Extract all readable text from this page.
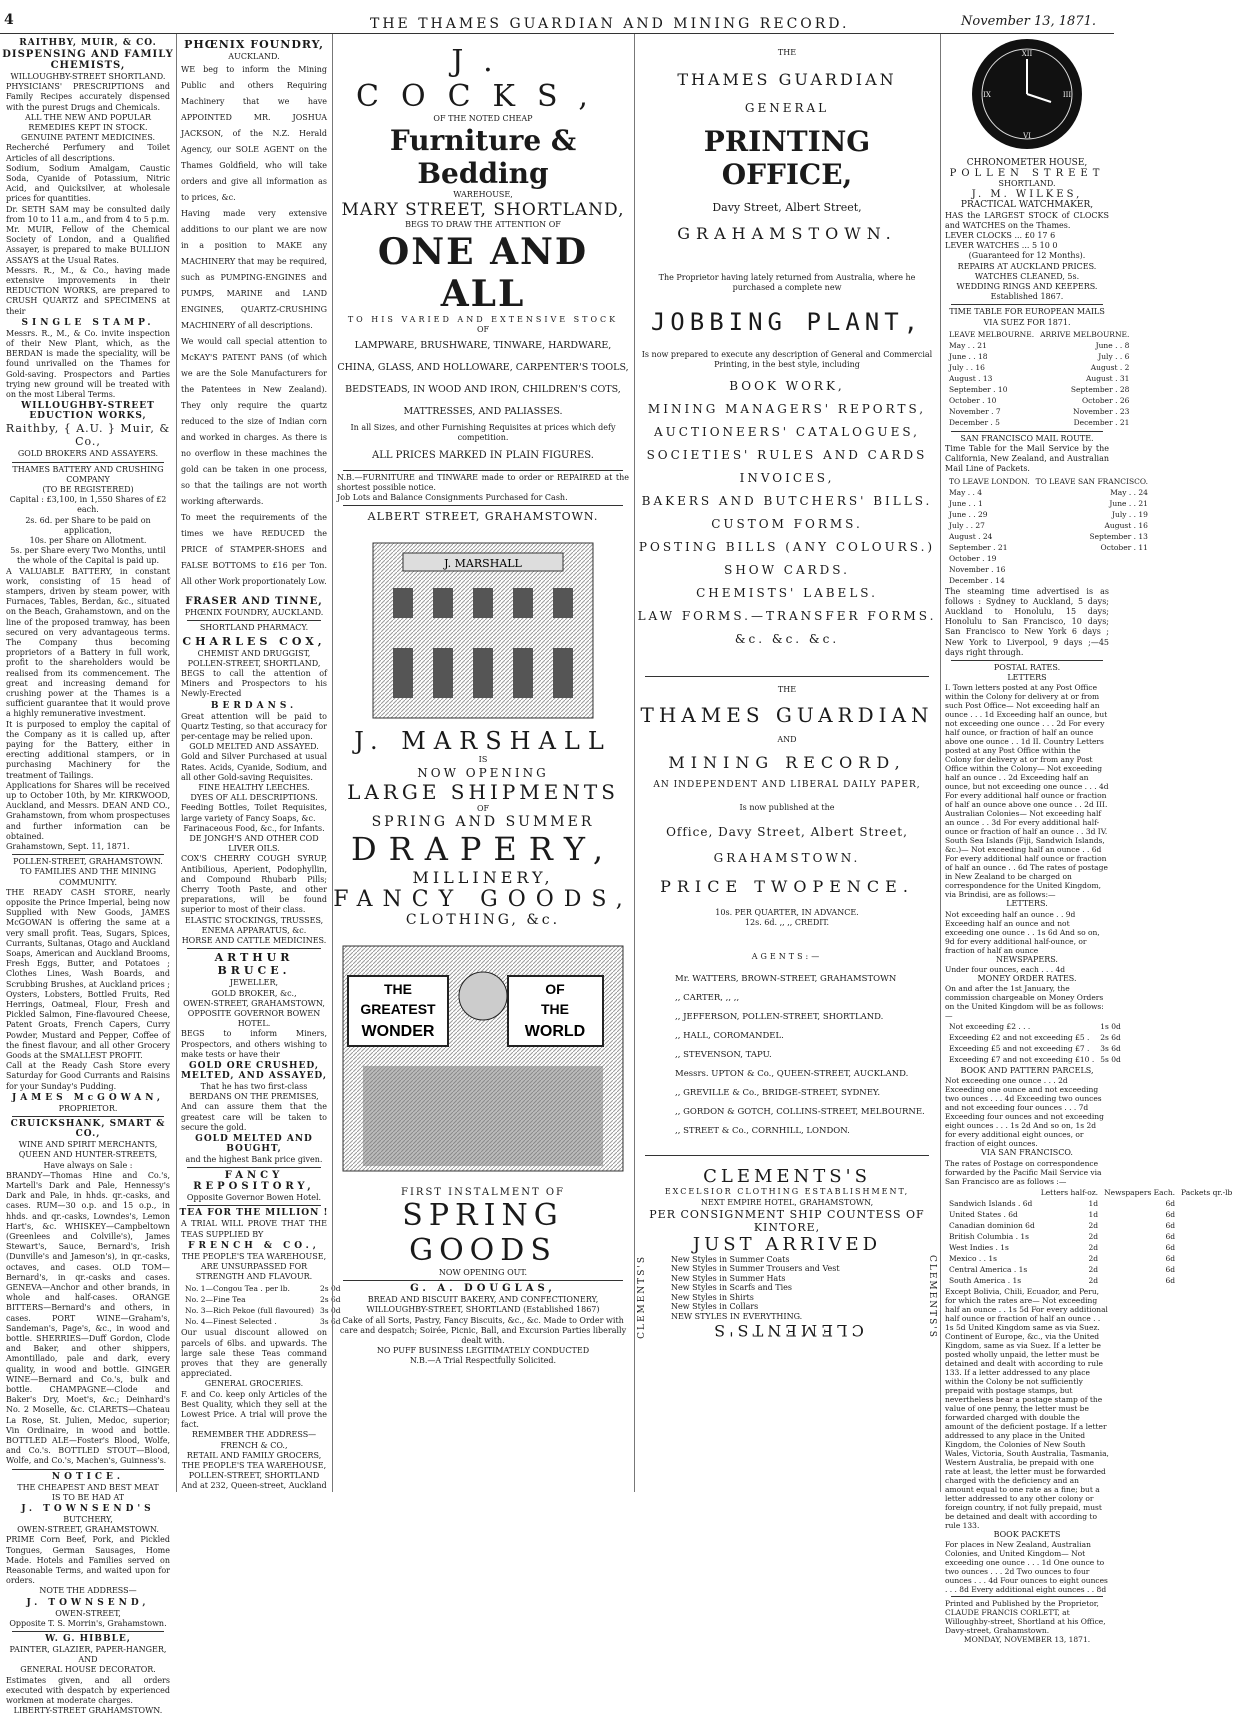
4	THE THAMES GUARDIAN AND MINING RECORD.	November 13, 1871.
RAITHBY, MUIR, & CO.
DISPENSING AND FAMILY CHEMISTS,
WILLOUGHBY-STREET SHORTLAND.
PHYSICIANS' PRESCRIPTIONS and Family Recipes accurately dispensed with the purest Drugs and Chemicals.
ALL THE NEW AND POPULAR REMEDIES KEPT IN STOCK.
GENUINE PATENT MEDICINES.
Recherché Perfumery and Toilet Articles of all descriptions.
Sodium, Sodium Amalgam, Caustic Soda, Cyanide of Potassium, Nitric Acid, and Quicksilver, at wholesale prices for quantities.
Dr. SETH SAM may be consulted daily from 10 to 11 a.m., and from 4 to 5 p.m.
Mr. MUIR, Fellow of the Chemical Society of London, and a Qualified Assayer, is prepared to make BULLION ASSAYS at the Usual Rates.
Messrs. R., M., & Co., having made extensive improvements in their REDUCTION WORKS, are prepared to CRUSH QUARTZ and SPECIMENS at their
SINGLE STAMP.
Messrs. R., M., & Co. invite inspection of their New Plant, which, as the BERDAN is made the speciality, will be found unrivalled on the Thames for Gold-saving. Prospectors and Parties trying new ground will be treated with on the most Liberal Terms.
WILLOUGHBY-STREET EDUCTION WORKS,
Raithby, { A.U. } Muir, & Co.,
GOLD BROKERS AND ASSAYERS.
THAMES BATTERY AND CRUSHING COMPANY
(TO BE REGISTERED)
Capital : £3,100, in 1,550 Shares of £2 each.
2s. 6d. per Share to be paid on application,
10s. per Share on Allotment.
5s. per Share every Two Months, until the whole of the Capital is paid up.
A VALUABLE BATTERY, in constant work, consisting of 15 head of stampers, driven by steam power, with Furnaces, Tables, Berdan, &c., situated on the Beach, Grahamstown, and on the line of the proposed tramway, has been secured on very advantageous terms. The Company thus becoming proprietors of a Battery in full work, profit to the shareholders would be realised from its commencement. The great and increasing demand for crushing power at the Thames is a sufficient guarantee that it would prove a highly remunerative investment.
It is purposed to employ the capital of the Company as it is called up, after paying for the Battery, either in erecting additional stampers, or in purchasing Machinery for the treatment of Tailings.
Applications for Shares will be received up to October 10th, by Mr. KIRKWOOD, Auckland, and Messrs. DEAN AND CO., Grahamstown, from whom prospectuses and further information can be obtained.
Grahamstown, Sept. 11, 1871.
POLLEN-STREET, GRAHAMSTOWN.
TO FAMILIES AND THE MINING COMMUNITY.
THE READY CASH STORE, nearly opposite the Prince Imperial, being now Supplied with New Goods, JAMES McGOWAN is offering the same at a very small profit. Teas, Sugars, Spices, Currants, Sultanas, Otago and Auckland Soaps, American and Auckland Brooms, Fresh Eggs, Butter, and Potatoes ; Clothes Lines, Wash Boards, and Scrubbing Brushes, at Auckland prices ; Oysters, Lobsters, Bottled Fruits, Red Herrings, Oatmeal, Flour, Fresh and Pickled Salmon, Fine-flavoured Cheese, Patent Groats, French Capers, Curry Powder, Mustard and Pepper, Coffee of the finest flavour, and all other Grocery Goods at the SMALLEST PROFIT.
Call at the Ready Cash Store every Saturday for Good Currants and Raisins for your Sunday's Pudding.
JAMES McGOWAN,
PROPRIETOR.
CRUICKSHANK, SMART & CO.,
WINE AND SPIRIT MERCHANTS,
QUEEN AND HUNTER-STREETS,
Have always on Sale :
BRANDY—Thomas Hine and Co.'s, Martell's Dark and Pale, Hennessy's Dark and Pale, in hhds. qr.-casks, and cases. RUM—30 o.p. and 15 o.p., in hhds. and qr.-casks, Lowndes's, Lemon Hart's, &c. WHISKEY—Campbeltown (Greenlees and Colville's), James Stewart's, Sauce, Bernard's, Irish (Dunville's and Jameson's), in qr.-casks, octaves, and cases. OLD TOM—Bernard's, in qr.-casks and cases. GENEVA—Anchor and other brands, in whole and half-cases. ORANGE BITTERS—Bernard's and others, in cases. PORT WINE—Graham's, Sandeman's, Page's, &c., in wood and bottle. SHERRIES—Duff Gordon, Clode and Baker, and other shippers, Amontillado, pale and dark, every quality, in wood and bottle. GINGER WINE—Bernard and Co.'s, bulk and bottle. CHAMPAGNE—Clode and Baker's Dry, Moet's, &c.; Deinhard's No. 2 Moselle, &c. CLARETS—Chateau La Rose, St. Julien, Medoc, superior; Vin Ordinaire, in wood and bottle. BOTTLED ALE—Foster's Blood, Wolfe, and Co.'s. BOTTLED STOUT—Blood, Wolfe, and Co.'s, Machen's, Guinness's.
NOTICE.
THE CHEAPEST AND BEST MEAT
IS TO BE HAD AT
J. TOWNSEND'S
BUTCHERY,
OWEN-STREET, GRAHAMSTOWN.
PRIME Corn Beef, Pork, and Pickled Tongues, German Sausages, Home Made. Hotels and Families served on Reasonable Terms, and waited upon for orders.
NOTE THE ADDRESS—
J. TOWNSEND,
OWEN-STREET,
Opposite T. S. Morrin's, Grahamstown.
W. G. HIBBLE,
PAINTER, GLAZIER, PAPER-HANGER,
AND
GENERAL HOUSE DECORATOR.
Estimates given, and all orders executed with despatch by experienced workmen at moderate charges.
LIBERTY-STREET GRAHAMSTOWN.
PHŒNIX FOUNDRY,
AUCKLAND.
WE beg to inform the Mining Public and others Requiring Machinery that we have APPOINTED MR. JOSHUA JACKSON, of the N.Z. Herald Agency, our SOLE AGENT on the Thames Goldfield, who will take orders and give all information as to prices, &c.
Having made very extensive additions to our plant we are now in a position to MAKE any MACHINERY that may be required, such as PUMPING-ENGINES and PUMPS, MARINE and LAND ENGINES, QUARTZ-CRUSHING MACHINERY of all descriptions.
We would call special attention to McKAY'S PATENT PANS (of which we are the Sole Manufacturers for the Patentees in New Zealand). They only require the quartz reduced to the size of Indian corn and worked in charges. As there is no overflow in these machines the gold can be taken in one process, so that the tailings are not worth working afterwards.
To meet the requirements of the times we have REDUCED the PRICE of STAMPER-SHOES and FALSE BOTTOMS to £16 per Ton. All other Work proportionately Low.
FRASER AND TINNE,
PHŒNIX FOUNDRY, AUCKLAND.
SHORTLAND PHARMACY.
CHARLES COX,
CHEMIST AND DRUGGIST,
POLLEN-STREET, SHORTLAND,
BEGS to call the attention of Miners and Prospectors to his Newly-Erected
BERDANS.
Great attention will be paid to Quartz Testing, so that accuracy for per-centage may be relied upon.
GOLD MELTED AND ASSAYED.
Gold and Silver Purchased at usual Rates. Acids, Cyanide, Sodium, and all other Gold-saving Requisites.
FINE HEALTHY LEECHES.
DYES OF ALL DESCRIPTIONS.
Feeding Bottles, Toilet Requisites, large variety of Fancy Soaps, &c.
Farinaceous Food, &c., for Infants.
DE JONGH'S AND OTHER COD LIVER OILS.
COX'S CHERRY COUGH SYRUP, Antibilious, Aperient, Podophyllin, and Compound Rhubarb Pills; Cherry Tooth Paste, and other preparations, will be found superior to most of their class.
ELASTIC STOCKINGS, TRUSSES, ENEMA APPARATUS, &c.
HORSE AND CATTLE MEDICINES.
ARTHUR BRUCE.
JEWELLER,
GOLD BROKER, &c.,
OWEN-STREET, GRAHAMSTOWN, OPPOSITE GOVERNOR BOWEN HOTEL.
BEGS to inform Miners, Prospectors, and others wishing to make tests or have their
GOLD ORE CRUSHED, MELTED, AND ASSAYED,
That he has two first-class
BERDANS ON THE PREMISES,
And can assure them that the greatest care will be taken to secure the gold.
GOLD MELTED AND BOUGHT,
and the highest Bank price given.
FANCY REPOSITORY,
Opposite Governor Bowen Hotel.
TEA FOR THE MILLION !
A TRIAL WILL PROVE THAT THE TEAS SUPPLIED BY
FRENCH & CO.,
THE PEOPLE'S TEA WAREHOUSE,
ARE UNSURPASSED FOR STRENGTH AND FLAVOUR.
No. 1—Congou Tea . per lb.	2s 0d
No. 2—Fine Tea	2s 6d
No. 3—Rich Pekoe (full flavoured)	3s 0d
No. 4—Finest Selected .	3s 6d
Our usual discount allowed on parcels of 6lbs. and upwards. The large sale these Teas command proves that they are generally appreciated.
GENERAL GROCERIES.
F. and Co. keep only Articles of the Best Quality, which they sell at the Lowest Price. A trial will prove the fact.
REMEMBER THE ADDRESS—
FRENCH & CO.,
RETAIL AND FAMILY GROCERS,
THE PEOPLE'S TEA WAREHOUSE,
POLLEN-STREET, SHORTLAND
And at 232, Queen-street, Auckland
J. COCKS,
OF THE NOTED CHEAP
Furniture & Bedding
WAREHOUSE,
MARY STREET, SHORTLAND,
BEGS TO DRAW THE ATTENTION OF
ONE AND ALL
TO HIS VARIED AND EXTENSIVE STOCK
OF
LAMPWARE, BRUSHWARE, TINWARE, HARDWARE, CHINA, GLASS, AND HOLLOWARE, CARPENTER'S TOOLS, BEDSTEADS, IN WOOD AND IRON, CHILDREN'S COTS, MATTRESSES, AND PALIASSES.
In all Sizes, and other Furnishing Requisites at prices which defy competition.
ALL PRICES MARKED IN PLAIN FIGURES.
N.B.—FURNITURE and TINWARE made to order or REPAIRED at the shortest possible notice.
Job Lots and Balance Consignments Purchased for Cash.
ALBERT STREET, GRAHAMSTOWN.
J. MARSHALL
J. MARSHALL
IS
NOW OPENING
LARGE SHIPMENTS
OF
SPRING AND SUMMER
DRAPERY,
MILLINERY,
FANCY GOODS,
CLOTHING, &c.
THE
GREATEST
WONDER
OF
THE
WORLD
FIRST INSTALMENT OF
SPRING GOODS
NOW OPENING OUT.
G. A. DOUGLAS,
BREAD AND BISCUIT BAKERY, AND CONFECTIONERY,
WILLOUGHBY-STREET, SHORTLAND (Established 1867)
Cake of all Sorts, Pastry, Fancy Biscuits, &c., &c. Made to Order with care and despatch; Soirée, Picnic, Ball, and Excursion Parties liberally dealt with.
NO PUFF BUSINESS LEGITIMATELY CONDUCTED
N.B.—A Trial Respectfully Solicited.
THE
THAMES GUARDIAN
GENERAL
PRINTING OFFICE,
Davy Street, Albert Street,
GRAHAMSTOWN.
The Proprietor having lately returned from Australia, where he purchased a complete new
JOBBING PLANT,
Is now prepared to execute any description of General and Commercial Printing, in the best style, including
BOOK WORK,
MINING MANAGERS' REPORTS,
AUCTIONEERS' CATALOGUES,
SOCIETIES' RULES AND CARDS
INVOICES,
BAKERS AND BUTCHERS' BILLS.
CUSTOM FORMS.
POSTING BILLS (ANY COLOURS.)
SHOW CARDS.
CHEMISTS' LABELS.
LAW FORMS.—TRANSFER FORMS.
&c. &c. &c.
THE
THAMES GUARDIAN
AND
MINING RECORD,
AN INDEPENDENT AND LIBERAL DAILY PAPER,
Is now published at the
Office, Davy Street, Albert Street,
GRAHAMSTOWN.
PRICE TWOPENCE.
10s. PER QUARTER, IN ADVANCE.
12s. 6d. ,, ,, CREDIT.
AGENTS:—
Mr. WATTERS, BROWN-STREET, GRAHAMSTOWN
,, CARTER, ,, ,,
,, JEFFERSON, POLLEN-STREET, SHORTLAND.
,, HALL, COROMANDEL.
,, STEVENSON, TAPU.
Messrs. UPTON & Co., QUEEN-STREET, AUCKLAND.
,, GREVILLE & Co., BRIDGE-STREET, SYDNEY.
,, GORDON & GOTCH, COLLINS-STREET, MELBOURNE.
,, STREET & Co., CORNHILL, LONDON.
CLEMENTS'S
EXCELSIOR CLOTHING ESTABLISHMENT,
NEXT EMPIRE HOTEL, GRAHAMSTOWN,
PER CONSIGNMENT SHIP COUNTESS OF KINTORE,
JUST ARRIVED
CLEMENTS'S	CLEMENTS'S
New Styles in Summer Coats
New Styles in Summer Trousers and Vest
New Styles in Summer Hats
New Styles in Scarfs and Ties
New Styles in Shirts
New Styles in Collars
NEW STYLES IN EVERYTHING.
CLEMENTS'S
XII
III
VI
IX
CHRONOMETER HOUSE,
POLLEN STREET
SHORTLAND.
J. M. WILKES,
PRACTICAL WATCHMAKER,
HAS the LARGEST STOCK of CLOCKS and WATCHES on the Thames.
LEVER CLOCKS ... £0 17 6
LEVER WATCHES ... 5 10 0
(Guaranteed for 12 Months).
REPAIRS AT AUCKLAND PRICES.
WATCHES CLEANED, 5s.
WEDDING RINGS AND KEEPERS.
Established 1867.
TIME TABLE FOR EUROPEAN MAILS VIA SUEZ FOR 1871.
LEAVE MELBOURNE.	ARRIVE MELBOURNE.
May . . 21	June . . 8
June . . 18	July . . 6
July . . 16	August . 2
August . 13	August . 31
September . 10	September . 28
October . 10	October . 26
November . 7	November . 23
December . 5	December . 21
SAN FRANCISCO MAIL ROUTE.
Time Table for the Mail Service by the California, New Zealand, and Australian Mail Line of Packets.
TO LEAVE LONDON.	TO LEAVE SAN FRANCISCO.
May . . 4	May . . 24
June . . 1	June . . 21
June . . 29	July . . 19
July . . 27	August . 16
August . 24	September . 13
September . 21	October . 11
October . 19	
November . 16	
December . 14	
The steaming time advertised is as follows : Sydney to Auckland, 5 days; Auckland to Honolulu, 15 days; Honolulu to San Francisco, 10 days; San Francisco to New York 6 days ; New York to Liverpool, 9 days ;—45 days right through.
POSTAL RATES.
LETTERS
I. Town letters posted at any Post Office within the Colony for delivery at or from such Post Office— Not exceeding half an ounce . . . 1d Exceeding half an ounce, but not exceeding one ounce . . . 2d For every half ounce, or fraction of half an ounce above one ounce . . 1d II. Country Letters posted at any Post Office within the Colony for delivery at or from any Post Office within the Colony— Not exceeding half an ounce . . 2d Exceeding half an ounce, but not exceeding one ounce . . . 4d For every additional half ounce or fraction of half an ounce above one ounce . . 2d III. Australian Colonies— Not exceeding half an ounce . . 3d For every additional half-ounce or fraction of half an ounce . . 3d IV. South Sea Islands (Fiji, Sandwich Islands, &c.)— Not exceeding half an ounce . . 6d For every additional half ounce or fraction of half an ounce . . 6d The rates of postage in New Zealand to be charged on correspondence for the United Kingdom, via Brindisi, are as follows:—
LETTERS.
Not exceeding half an ounce . . 9d Exceeding half an ounce and not exceeding one ounce . . 1s 6d And so on, 9d for every additional half-ounce, or fraction of half an ounce
NEWSPAPERS.
Under four ounces, each . . . 4d
MONEY ORDER RATES.
On and after the 1st January, the commission chargeable on Money Orders on the United Kingdom will be as follows:—
Not exceeding £2 . . .	1s 0d
Exceeding £2 and not exceeding £5 .	2s 6d
Exceeding £5 and not exceeding £7 .	3s 6d
Exceeding £7 and not exceeding £10 .	5s 0d
BOOK AND PATTERN PARCELS,
Not exceeding one ounce . . . 2d Exceeding one ounce and not exceeding two ounces . . . 4d Exceeding two ounces and not exceeding four ounces . . . 7d Exceeding four ounces and not exceeding eight ounces . . . 1s 2d And so on, 1s 2d for every additional eight ounces, or fraction of eight ounces.
VIA SAN FRANCISCO.
The rates of Postage on correspondence forwarded by the Pacific Mail Service via San Francisco are as follows :—
	Letters half-oz.	Newspapers Each.	Packets qr.-lb
Sandwich Islands . 6d	1d	6d	
United States . 6d	1d	6d	
Canadian dominion 6d	2d	6d	
British Columbia . 1s	2d	6d	
West Indies . 1s	2d	6d	
Mexico . . 1s	2d	6d	
Central America . 1s	2d	6d	
South America . 1s	2d	6d	
Except Bolivia, Chili, Ecuador, and Peru, for which the rates are— Not exceeding half an ounce . . 1s 5d For every additional half ounce or fraction of half an ounce . . 1s 5d United Kingdom same as via Suez. Continent of Europe, &c., via the United Kingdom, same as via Suez. If a letter be posted wholly unpaid, the letter must be detained and dealt with according to rule 133. If a letter addressed to any place within the Colony be not sufficiently prepaid with postage stamps, but nevertheless bear a postage stamp of the value of one penny, the letter must be forwarded charged with double the amount of the deficient postage. If a letter addressed to any place in the United Kingdom, the Colonies of New South Wales, Victoria, South Australia, Tasmania, Western Australia, be prepaid with one rate at least, the letter must be forwarded charged with the deficiency and an amount equal to one rate as a fine; but a letter addressed to any other colony or foreign country, if not fully prepaid, must be detained and dealt with according to rule 133.
BOOK PACKETS
For places in New Zealand, Australian Colonies, and United Kingdom— Not exceeding one ounce . . . 1d One ounce to two ounces . . . 2d Two ounces to four ounces . . . 4d Four ounces to eight ounces . . . 8d Every additional eight ounces . . 8d
Printed and Published by the Proprietor, CLAUDE FRANCIS CORLETT, at Willoughby-street, Shortland at his Office, Davy-street, Grahamstown.
MONDAY, NOVEMBER 13, 1871.
